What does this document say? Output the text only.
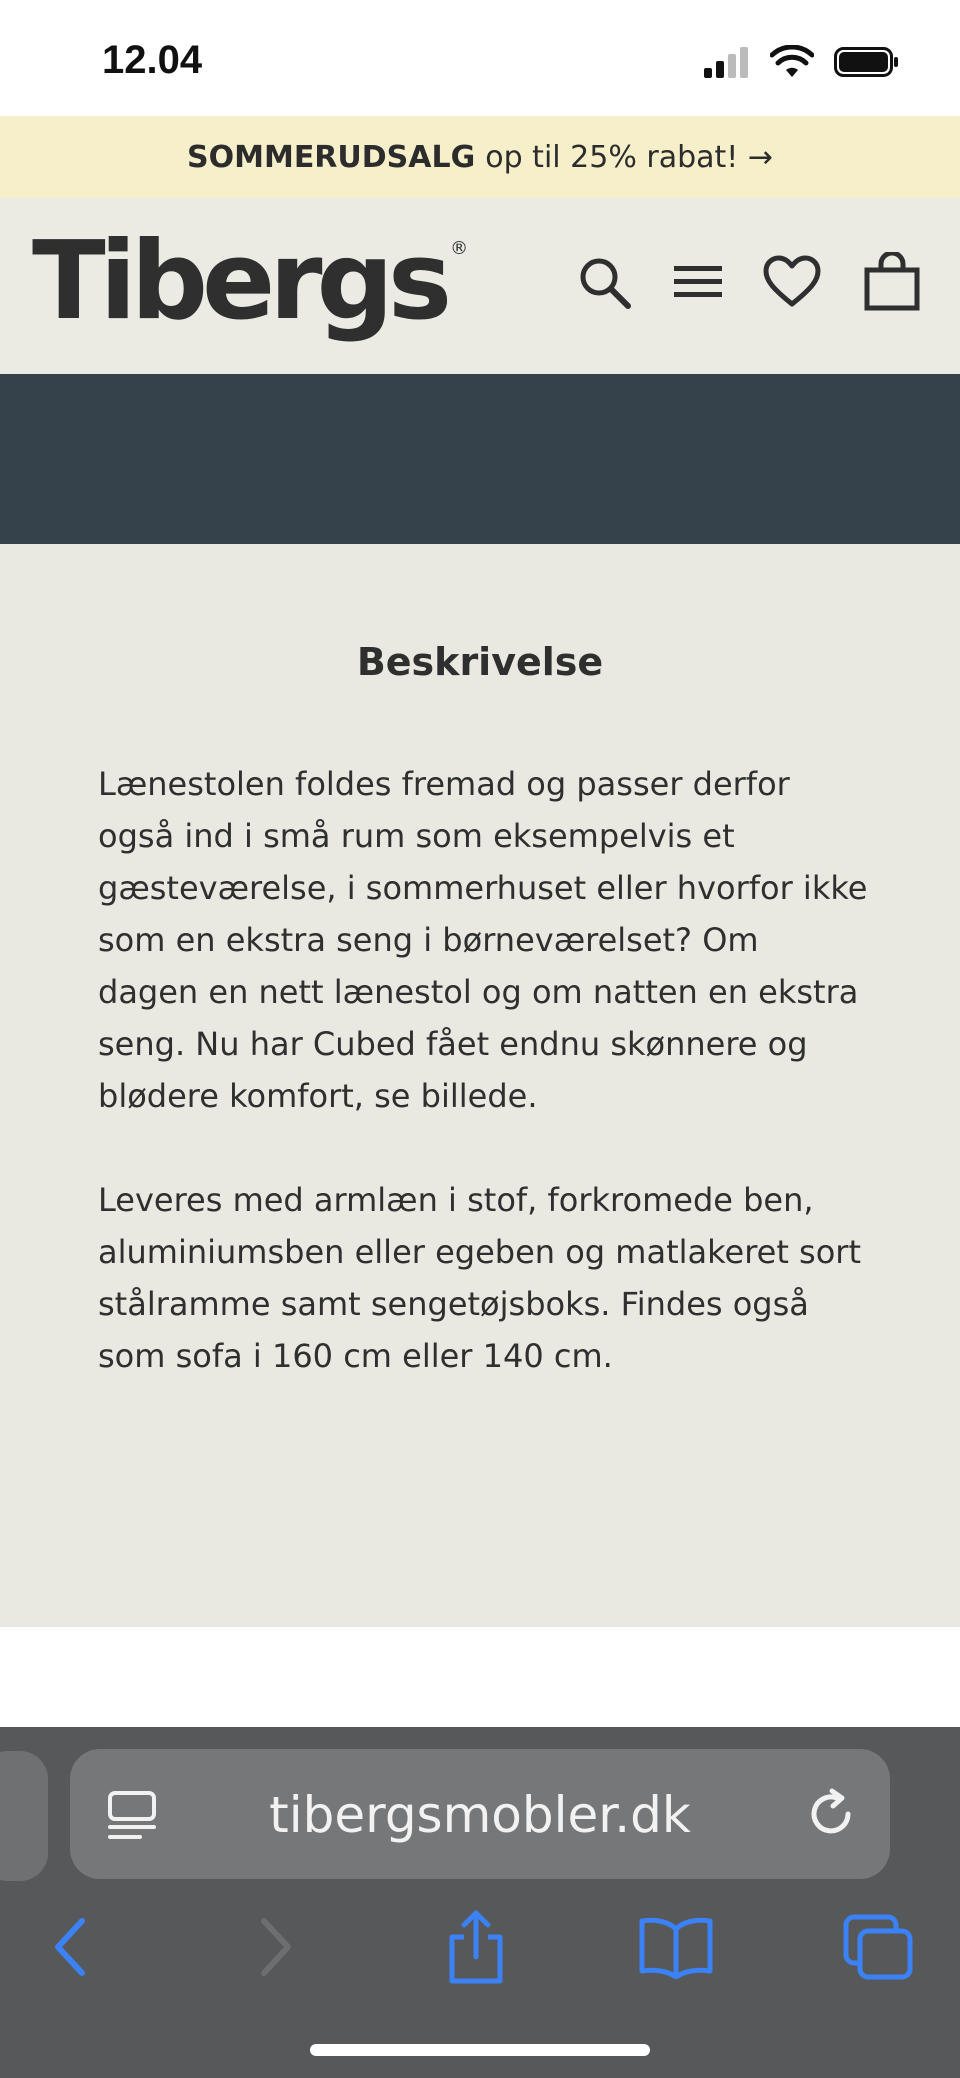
12.04
SOMMERUDSALG op til 25% rabat! →
Tibergs ®
Beskrivelse

Lænestolen foldes fremad og passer derfor også ind i små rum som eksempelvis et gæsteværelse, i sommerhuset eller hvorfor ikke som en ekstra seng i børneværelset? Om dagen en nett lænestol og om natten en ekstra seng. Nu har Cubed fået endnu skønnere og blødere komfort, se billede.

Leveres med armlæn i stof, forkromede ben, aluminiumsben eller egeben og matlakeret sort stålramme samt sengetøjsboks. Findes også som sofa i 160 cm eller 140 cm.

tibergsmobler.dk
